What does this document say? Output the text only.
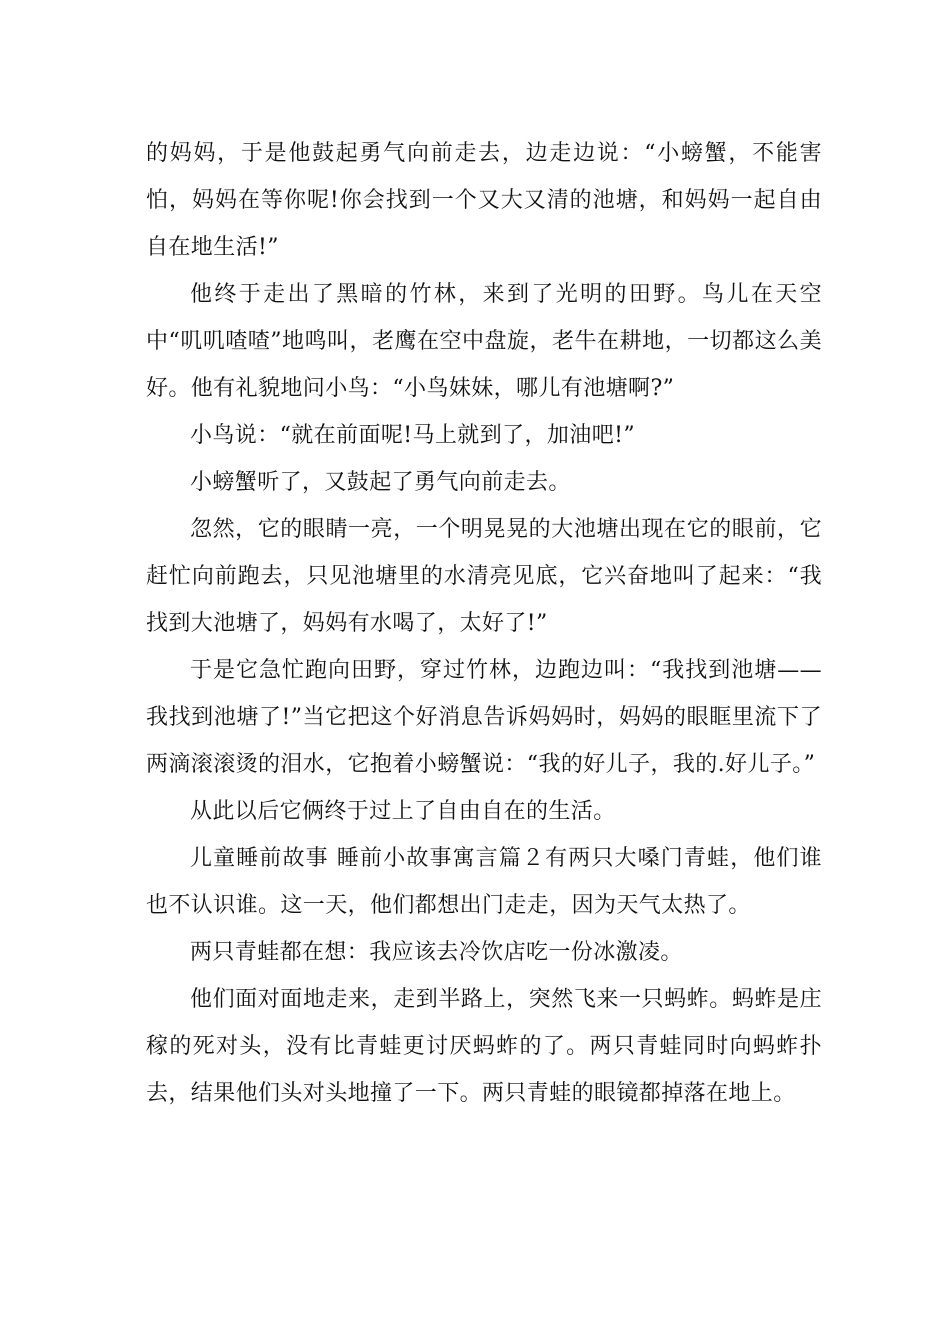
的妈妈，于是他鼓起勇气向前走去，边走边说：“小螃蟹，不能害怕，妈妈在等你呢!你会找到一个又大又清的池塘，和妈妈一起自由自在地生活!”

他终于走出了黑暗的竹林，来到了光明的田野。鸟儿在天空中“叽叽喳喳”地鸣叫，老鹰在空中盘旋，老牛在耕地，一切都这么美好。他有礼貌地问小鸟：“小鸟妹妹，哪儿有池塘啊?”

小鸟说：“就在前面呢!马上就到了，加油吧!”

小螃蟹听了，又鼓起了勇气向前走去。

忽然，它的眼睛一亮，一个明晃晃的大池塘出现在它的眼前，它赶忙向前跑去，只见池塘里的水清亮见底，它兴奋地叫了起来：“我找到大池塘了，妈妈有水喝了，太好了!”

于是它急忙跑向田野，穿过竹林，边跑边叫：“我找到池塘——我找到池塘了!”当它把这个好消息告诉妈妈时，妈妈的眼眶里流下了两滴滚滚烫的泪水，它抱着小螃蟹说：“我的好儿子，我的.好儿子。”

从此以后它俩终于过上了自由自在的生活。

儿童睡前故事 睡前小故事寓言篇２有两只大嗓门青蛙，他们谁也不认识谁。这一天，他们都想出门走走，因为天气太热了。

两只青蛙都在想：我应该去冷饮店吃一份冰激凌。

他们面对面地走来，走到半路上，突然飞来一只蚂蚱。蚂蚱是庄稼的死对头，没有比青蛙更讨厌蚂蚱的了。两只青蛙同时向蚂蚱扑去，结果他们头对头地撞了一下。两只青蛙的眼镜都掉落在地上。
